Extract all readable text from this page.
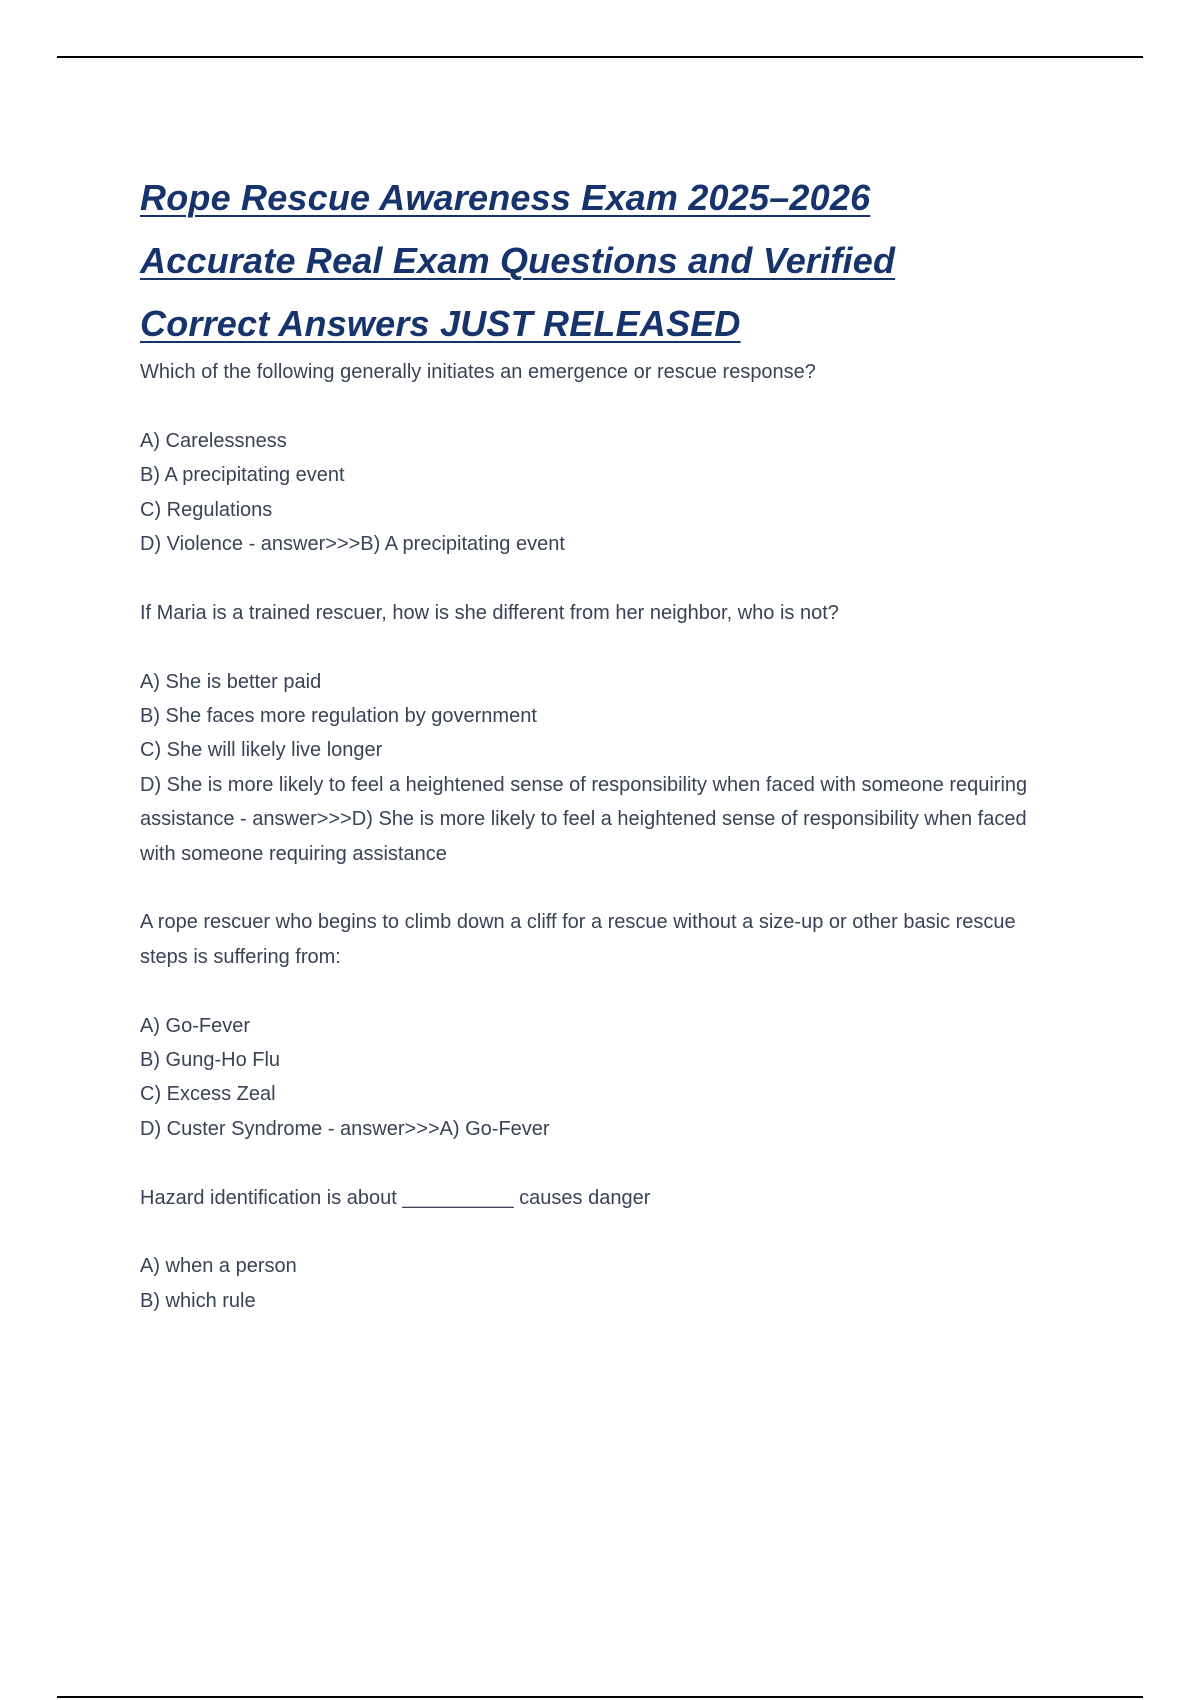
Rope Rescue Awareness Exam 2025–2026
Accurate Real Exam Questions and Verified
Correct Answers JUST RELEASED

Which of the following generally initiates an emergence or rescue response?

A) Carelessness
B) A precipitating event
C) Regulations
D) Violence - answer>>>B) A precipitating event

If Maria is a trained rescuer, how is she different from her neighbor, who is not?

A) She is better paid
B) She faces more regulation by government
C) She will likely live longer
D) She is more likely to feel a heightened sense of responsibility when faced with someone requiring assistance - answer>>>D) She is more likely to feel a heightened sense of responsibility when faced with someone requiring assistance

A rope rescuer who begins to climb down a cliff for a rescue without a size-up or other basic rescue steps is suffering from:

A) Go-Fever
B) Gung-Ho Flu
C) Excess Zeal
D) Custer Syndrome - answer>>>A) Go-Fever

Hazard identification is about __________ causes danger

A) when a person
B) which rule
